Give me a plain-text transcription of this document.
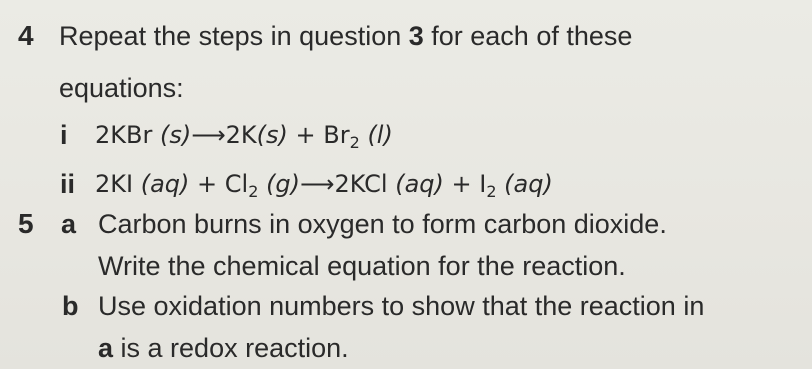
4 Repeat the steps in question 3 for each of these
equations:
i 2KBr (s)⟶2K(s) + $Br_2$ (l)
ii 2KI $(aq) + Cl_2$ (g)⟶2KCl $(aq) + I_2$ (aq)
5 a Carbon burns in oxygen to form carbon dioxide.
Write the chemical equation for the reaction.
b Use oxidation numbers to show that the reaction in
a is a redox reaction.
